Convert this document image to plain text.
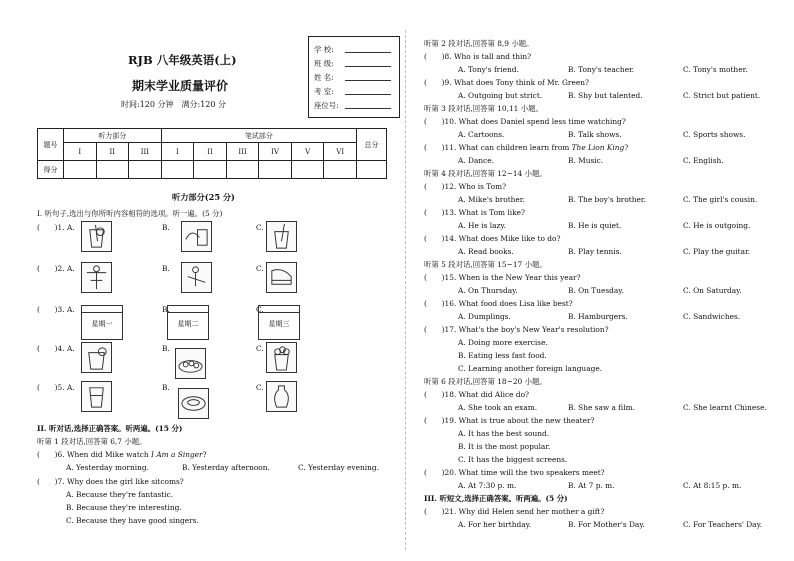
RJB 八年级英语(上)
期末学业质量评价
时间:120 分钟　满分:120 分
学 校:
班 级:
姓 名:
考 室:
座位号:
题号	听力部分			笔试部分						总分
	I	II	III	I	II	III	IV	V	VI	
得分										
听力部分(25 分)
I. 听句子,选出与你所听内容相符的选项。听一遍。(5 分)
(　　)1. A.	B.	C.
(　　)2. A.	B.	C.
(　　)3. A.	B.	C.
星期一	星期二	星期三
(　　)4. A.	B.	C.
(　　)5. A.	B.	C.
II. 听对话,选择正确答案。听两遍。(15 分)
听第 1 段对话,回答第 6,7 小题。
(　　)6. When did Mike watch I Am a Singer?
A. Yesterday morning.	B. Yesterday afternoon.	C. Yesterday evening.
(　　)7. Why does the girl like sitcoms?
A. Because they're fantastic.
B. Because they're interesting.
C. Because they have good singers.
听第 2 段对话,回答第 8,9 小题。
(　　)8. Who is tall and thin?
A. Tony's friend.	B. Tony's teacher.	C. Tony's mother.
(　　)9. What does Tony think of Mr. Green?
A. Outgoing but strict.	B. Shy but talented.	C. Strict but patient.
听第 3 段对话,回答第 10,11 小题。
(　　)10. What does Daniel spend less time watching?
A. Cartoons.	B. Talk shows.	C. Sports shows.
(　　)11. What can children learn from The Lion King?
A. Dance.	B. Music.	C. English.
听第 4 段对话,回答第 12~14 小题。
(　　)12. Who is Tom?
A. Mike's brother.	B. The boy's brother.	C. The girl's cousin.
(　　)13. What is Tom like?
A. He is lazy.	B. He is quiet.	C. He is outgoing.
(　　)14. What does Mike like to do?
A. Read books.	B. Play tennis.	C. Play the guitar.
听第 5 段对话,回答第 15~17 小题。
(　　)15. When is the New Year this year?
A. On Thursday.	B. On Tuesday.	C. On Saturday.
(　　)16. What food does Lisa like best?
A. Dumplings.	B. Hamburgers.	C. Sandwiches.
(　　)17. What's the boy's New Year's resolution?
A. Doing more exercise.
B. Eating less fast food.
C. Learning another foreign language.
听第 6 段对话,回答第 18~20 小题。
(　　)18. What did Alice do?
A. She took an exam.	B. She saw a film.	C. She learnt Chinese.
(　　)19. What is true about the new theater?
A. It has the best sound.
B. It is the most popular.
C. It has the biggest screens.
(　　)20. What time will the two speakers meet?
A. At 7:30 p. m.	B. At 7 p. m.	C. At 8:15 p. m.
III. 听短文,选择正确答案。听两遍。(5 分)
(　　)21. Why did Helen send her mother a gift?
A. For her birthday.	B. For Mother's Day.	C. For Teachers' Day.
